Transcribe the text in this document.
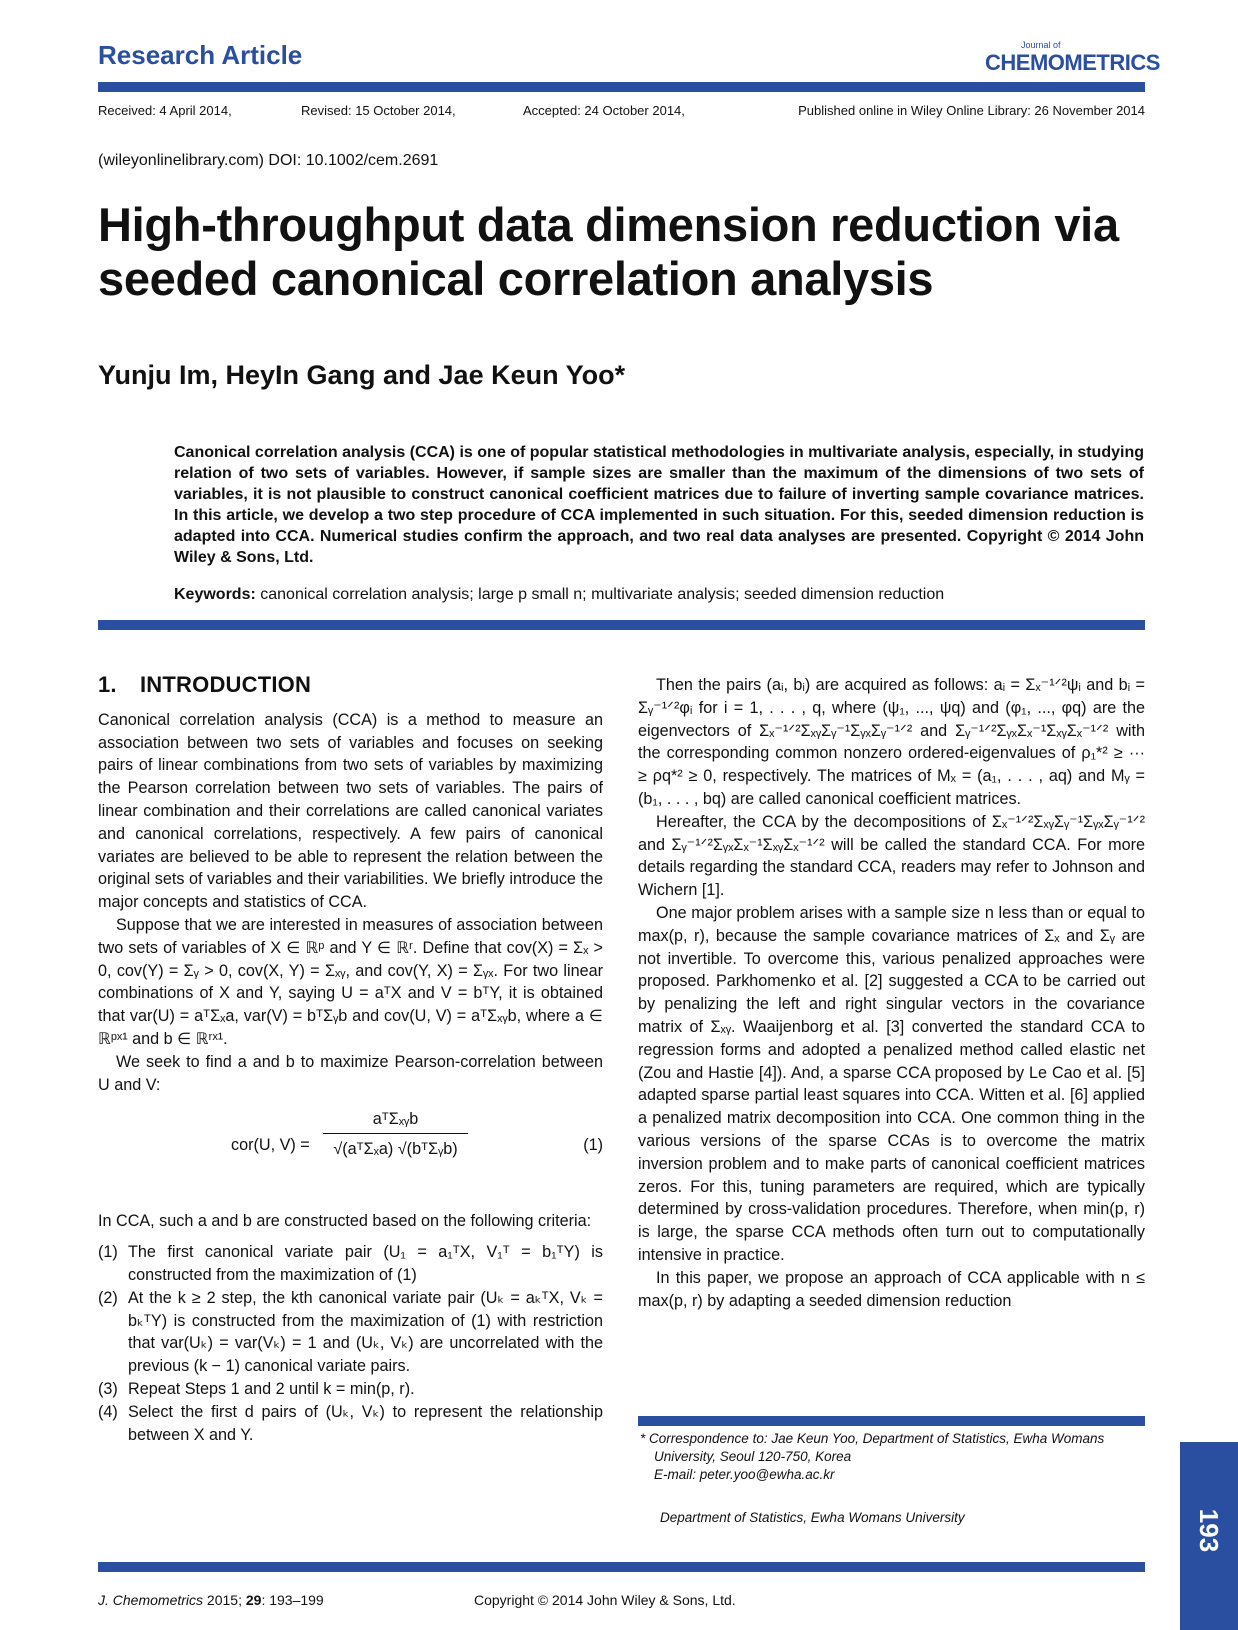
Research Article	Journal of
CHEMOMETRICS
Received: 4 April 2014,	Revised: 15 October 2014,	Accepted: 24 October 2014,	Published online in Wiley Online Library: 26 November 2014
(wileyonlinelibrary.com) DOI: 10.1002/cem.2691
High-throughput data dimension reduction via
seeded canonical correlation analysis
Yunju Im, HeyIn Gang and Jae Keun Yoo*
Canonical correlation analysis (CCA) is one of popular statistical methodologies in multivariate analysis, especially, in studying relation of two sets of variables. However, if sample sizes are smaller than the maximum of the dimensions of two sets of variables, it is not plausible to construct canonical coefficient matrices due to failure of inverting sample covariance matrices. In this article, we develop a two step procedure of CCA implemented in such situation. For this, seeded dimension reduction is adapted into CCA. Numerical studies confirm the approach, and two real data analyses are presented. Copyright © 2014 John Wiley & Sons, Ltd.
Keywords: canonical correlation analysis; large p small n; multivariate analysis; seeded dimension reduction
1. INTRODUCTION

Canonical correlation analysis (CCA) is a method to measure an association between two sets of variables and focuses on seeking pairs of linear combinations from two sets of variables by maximizing the Pearson correlation between two sets of variables. The pairs of linear combination and their correlations are called canonical variates and canonical correlations, respectively. A few pairs of canonical variates are believed to be able to represent the relation between the original sets of variables and their variabilities. We briefly introduce the major concepts and statistics of CCA.

Suppose that we are interested in measures of association between two sets of variables of X ∈ ℝᵖ and Y ∈ ℝʳ. Define that cov(X) = Σₓ > 0, cov(Y) = Σᵧ > 0, cov(X, Y) = Σₓᵧ, and cov(Y, X) = Σᵧₓ. For two linear combinations of X and Y, saying U = aᵀX and V = bᵀY, it is obtained that var(U) = aᵀΣₓa, var(V) = bᵀΣᵧb and cov(U, V) = aᵀΣₓᵧb, where a ∈ ℝᵖˣ¹ and b ∈ ℝʳˣ¹.

We seek to find a and b to maximize Pearson-correlation between U and V:

cor(U, V) =
aᵀΣₓᵧb
√(aᵀΣₓa) √(bᵀΣᵧb)	(1)

In CCA, such a and b are constructed based on the following criteria:

(1) The first canonical variate pair (U₁ = a₁ᵀX, V₁ᵀ = b₁ᵀY) is constructed from the maximization of (1)
(2) At the k ≥ 2 step, the kth canonical variate pair (Uₖ = aₖᵀX, Vₖ = bₖᵀY) is constructed from the maximization of (1) with restriction that var(Uₖ) = var(Vₖ) = 1 and (Uₖ, Vₖ) are uncorrelated with the previous (k − 1) canonical variate pairs.
(3) Repeat Steps 1 and 2 until k = min(p, r).
(4) Select the first d pairs of (Uₖ, Vₖ) to represent the relationship between X and Y.

Then the pairs (aᵢ, bᵢ) are acquired as follows: aᵢ = Σₓ⁻¹ᐟ²ψᵢ and bᵢ = Σᵧ⁻¹ᐟ²φᵢ for i = 1, . . . , q, where (ψ₁, ..., ψq) and (φ₁, ..., φq) are the eigenvectors of Σₓ⁻¹ᐟ²ΣₓᵧΣᵧ⁻¹ΣᵧₓΣᵧ⁻¹ᐟ² and Σᵧ⁻¹ᐟ²ΣᵧₓΣₓ⁻¹ΣₓᵧΣₓ⁻¹ᐟ² with the corresponding common nonzero ordered-eigenvalues of ρ₁*² ≥ ··· ≥ ρq*² ≥ 0, respectively. The matrices of Mₓ = (a₁, . . . , aq) and Mᵧ = (b₁, . . . , bq) are called canonical coefficient matrices.

Hereafter, the CCA by the decompositions of Σₓ⁻¹ᐟ²ΣₓᵧΣᵧ⁻¹ΣᵧₓΣᵧ⁻¹ᐟ² and Σᵧ⁻¹ᐟ²ΣᵧₓΣₓ⁻¹ΣₓᵧΣₓ⁻¹ᐟ² will be called the standard CCA. For more details regarding the standard CCA, readers may refer to Johnson and Wichern [1].

One major problem arises with a sample size n less than or equal to max(p, r), because the sample covariance matrices of Σₓ and Σᵧ are not invertible. To overcome this, various penalized approaches were proposed. Parkhomenko et al. [2] suggested a CCA to be carried out by penalizing the left and right singular vectors in the covariance matrix of Σₓᵧ. Waaijenborg et al. [3] converted the standard CCA to regression forms and adopted a penalized method called elastic net (Zou and Hastie [4]). And, a sparse CCA proposed by Le Cao et al. [5] adapted sparse partial least squares into CCA. Witten et al. [6] applied a penalized matrix decomposition into CCA. One common thing in the various versions of the sparse CCAs is to overcome the matrix inversion problem and to make parts of canonical coefficient matrices zeros. For this, tuning parameters are required, which are typically determined by cross-validation procedures. Therefore, when min(p, r) is large, the sparse CCA methods often turn out to computationally intensive in practice.

In this paper, we propose an approach of CCA applicable with n ≤ max(p, r) by adapting a seeded dimension reduction

* Correspondence to: Jae Keun Yoo, Department of Statistics, Ewha Womans
University, Seoul 120-750, Korea
E-mail: peter.yoo@ewha.ac.kr
Department of Statistics, Ewha Womans University	193
J. Chemometrics 2015; 29: 193–199	Copyright © 2014 John Wiley & Sons, Ltd.
